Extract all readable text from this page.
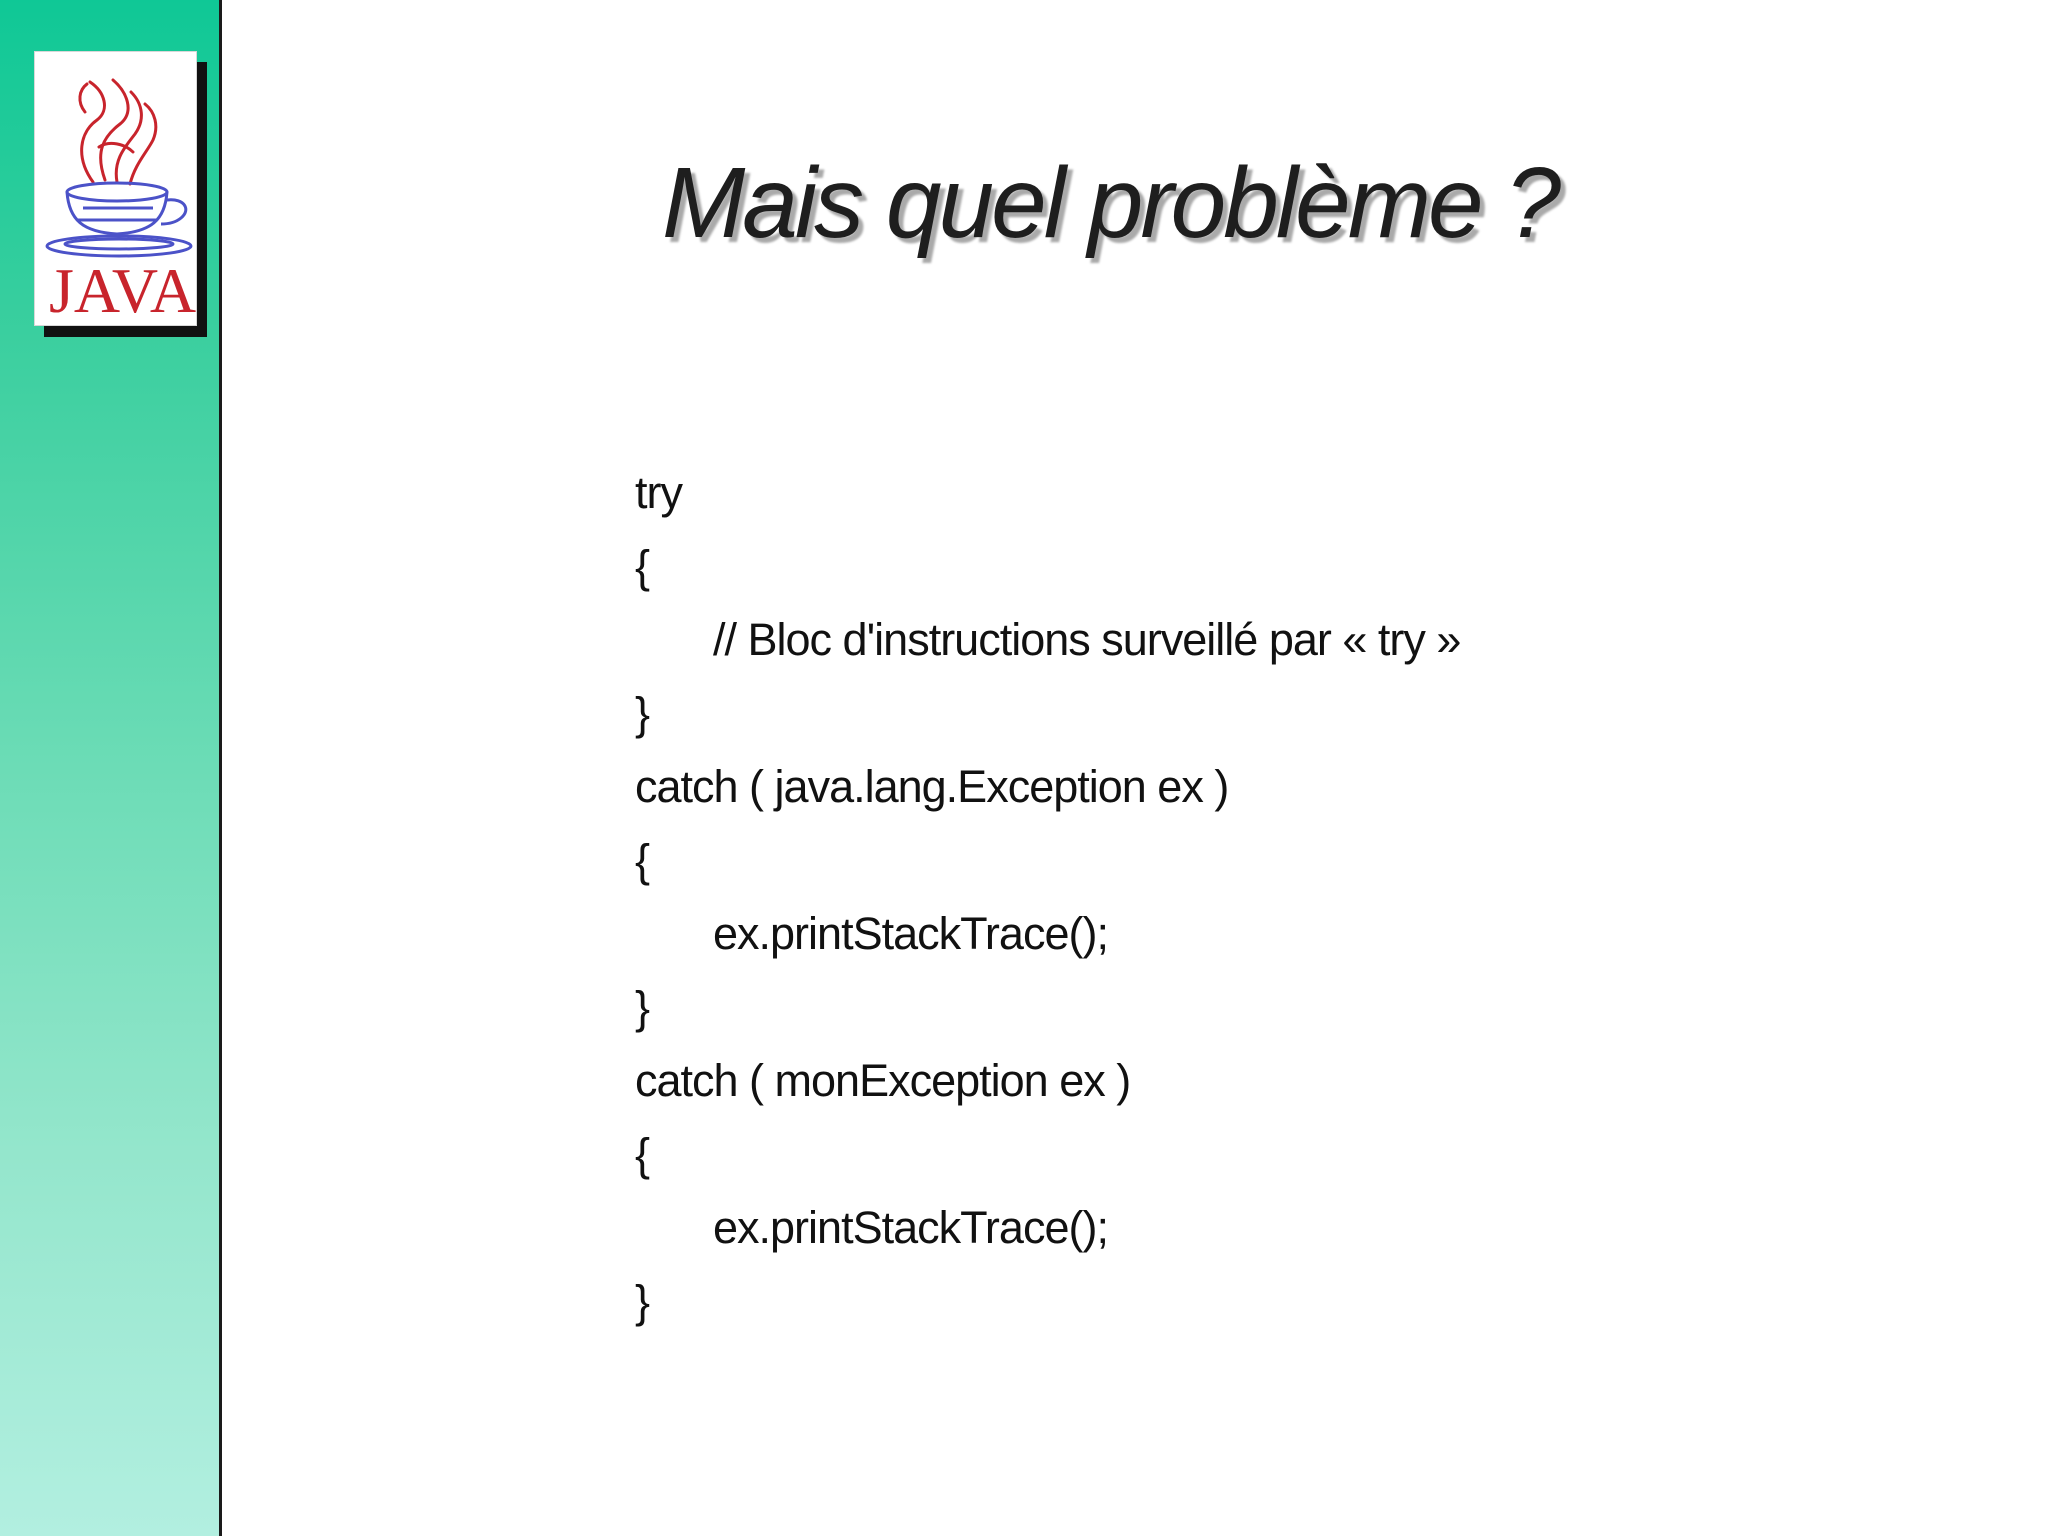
JAVA
Mais quel problème ?
try
{
// Bloc d'instructions surveillé par « try »
}
catch ( java.lang.Exception ex )
{
ex.printStackTrace();
}
catch ( monException ex )
{
ex.printStackTrace();
}
